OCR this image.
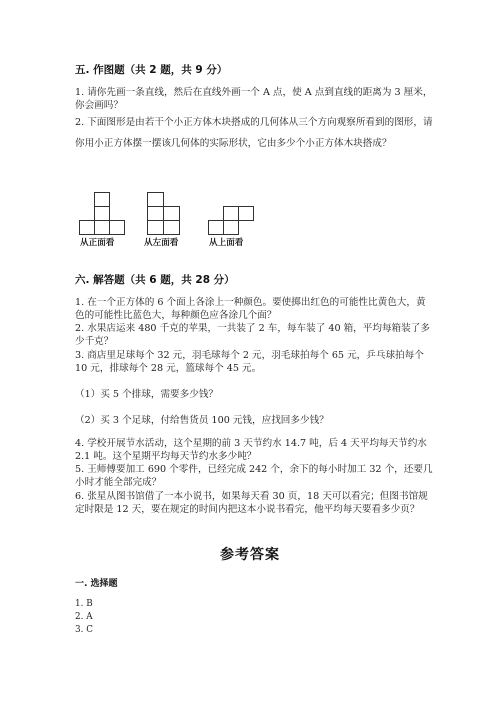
五. 作图题（共 2 题，共 9 分）

1. 请你先画一条直线，然后在直线外画一个 A 点，使 A 点到直线的距离为 3 厘米，你会画吗？

2. 下面图形是由若干个小正方体木块搭成的几何体从三个方向观察所看到的图形，请你用小正方体摆一摆该几何体的实际形状，它由多少个小正方体木块搭成？

从正面看	从左面看	从上面看
六. 解答题（共 6 题，共 28 分）

1. 在一个正方体的 6 个面上各涂上一种颜色。要使掷出红色的可能性比黄色大，黄色的可能性比蓝色大，每种颜色应各涂几个面？

2. 水果店运来 480 千克的苹果，一共装了 2 车，每车装了 40 箱，平均每箱装了多少千克？

3. 商店里足球每个 32 元，羽毛球每个 2 元，羽毛球拍每个 65 元，乒乓球拍每个 10 元，排球每个 28 元，篮球每个 45 元。

（1）买 5 个排球，需要多少钱？

（2）买 3 个足球，付给售货员 100 元钱，应找回多少钱？

4. 学校开展节水活动，这个星期的前 3 天节约水 14.7 吨，后 4 天平均每天节约水 2.1 吨。这个星期平均每天节约水多少吨？

5. 王师傅要加工 690 个零件，已经完成 242 个，余下的每小时加工 32 个，还要几小时才能全部完成？

6. 张星从图书馆借了一本小说书，如果每天看 30 页，18 天可以看完；但图书馆规定时限是 12 天，要在规定的时间内把这本小说书看完，他平均每天要看多少页？

参考答案
一. 选择题
1. B
2. A
3. C
